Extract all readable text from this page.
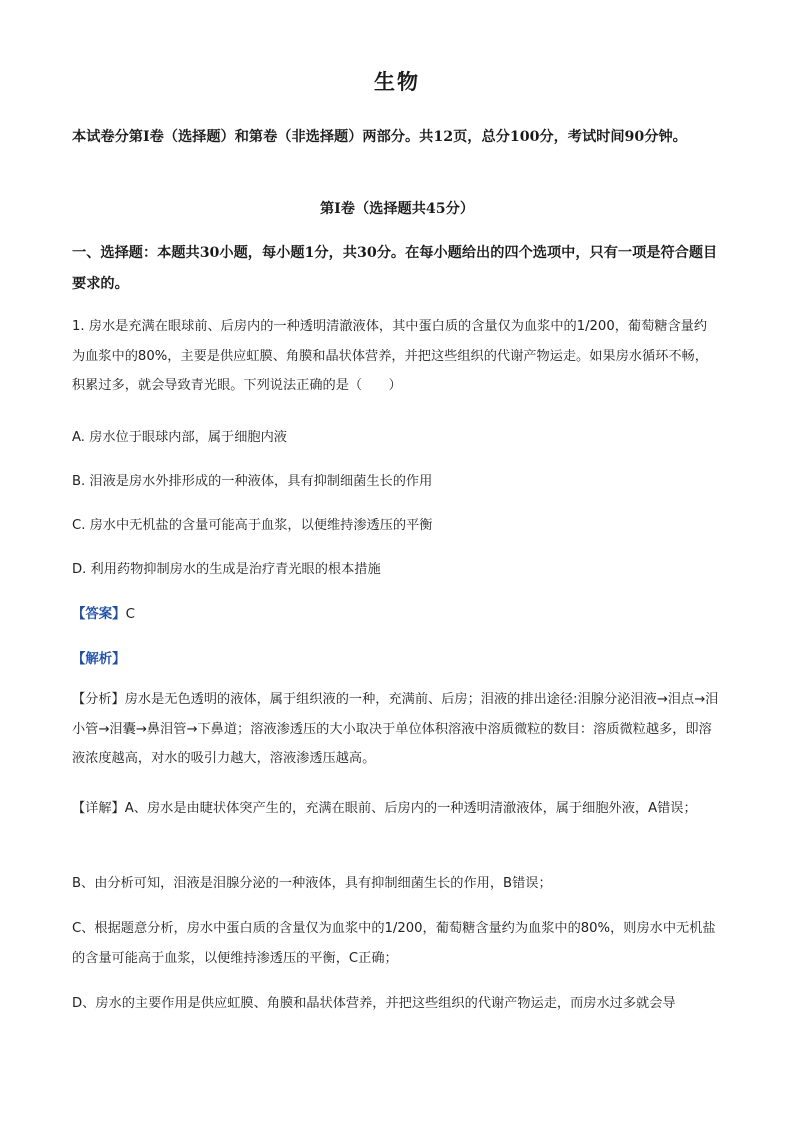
生物
本试卷分第Ⅰ卷（选择题）和第卷（非选择题）两部分。共12页，总分100分，考试时间90分钟。
第Ⅰ卷（选择题共45分）
一、选择题：本题共30小题，每小题1分，共30分。在每小题给出的四个选项中，只有一项是符合题目要求的。
1. 房水是充满在眼球前、后房内的一种透明清澈液体，其中蛋白质的含量仅为血浆中的1/200，葡萄糖含量约为血浆中的80%，主要是供应虹膜、角膜和晶状体营养，并把这些组织的代谢产物运走。如果房水循环不畅，积累过多，就会导致青光眼。下列说法正确的是（　　）
A. 房水位于眼球内部，属于细胞内液
B. 泪液是房水外排形成的一种液体，具有抑制细菌生长的作用
C. 房水中无机盐的含量可能高于血浆，以便维持渗透压的平衡
D. 利用药物抑制房水的生成是治疗青光眼的根本措施
【答案】C
【解析】
【分析】房水是无色透明的液体，属于组织液的一种，充满前、后房；泪液的排出途径:泪腺分泌泪液→泪点→泪小管→泪囊→鼻泪管→下鼻道；溶液渗透压的大小取决于单位体积溶液中溶质微粒的数目：溶质微粒越多，即溶液浓度越高，对水的吸引力越大，溶液渗透压越高。
【详解】A、房水是由睫状体突产生的，充满在眼前、后房内的一种透明清澈液体，属于细胞外液，A错误；
B、由分析可知，泪液是泪腺分泌的一种液体，具有抑制细菌生长的作用，B错误；
C、根据题意分析，房水中蛋白质的含量仅为血浆中的1/200，葡萄糖含量约为血浆中的80%，则房水中无机盐的含量可能高于血浆，以便维持渗透压的平衡，C正确；
D、房水的主要作用是供应虹膜、角膜和晶状体营养，并把这些组织的代谢产物运走，而房水过多就会导
